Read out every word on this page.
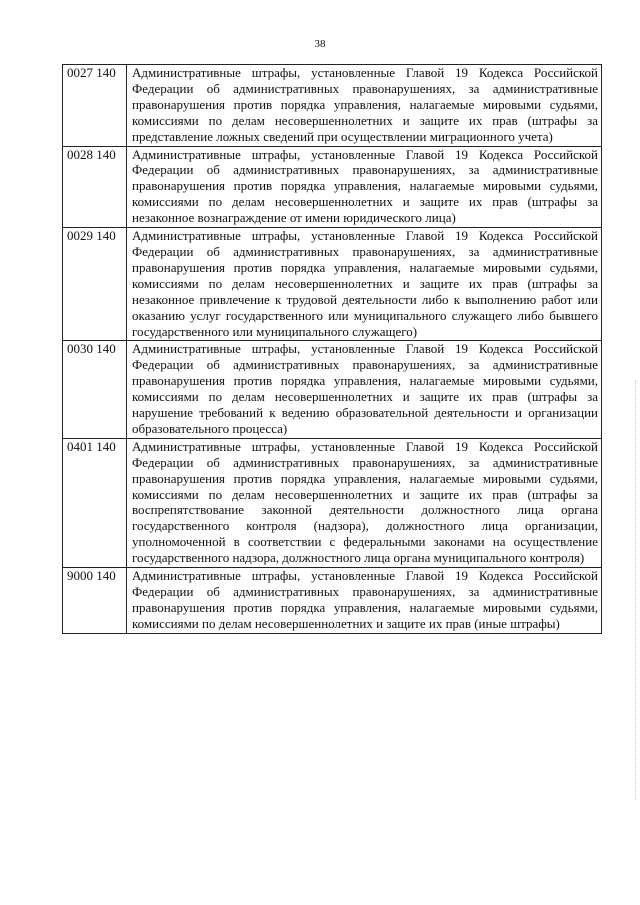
38
0027 140	Административные штрафы, установленные Главой 19 Кодекса Российской Федерации об административных правонарушениях, за административные правонарушения против порядка управления, налагаемые мировыми судьями, комиссиями по делам несовершеннолетних и защите их прав (штрафы за представление ложных сведений при осуществлении миграционного учета)
0028 140	Административные штрафы, установленные Главой 19 Кодекса Российской Федерации об административных правонарушениях, за административные правонарушения против порядка управления, налагаемые мировыми судьями, комиссиями по делам несовершеннолетних и защите их прав (штрафы за незаконное вознаграждение от имени юридического лица)
0029 140	Административные штрафы, установленные Главой 19 Кодекса Российской Федерации об административных правонарушениях, за административные правонарушения против порядка управления, налагаемые мировыми судьями, комиссиями по делам несовершеннолетних и защите их прав (штрафы за незаконное привлечение к трудовой деятельности либо к выполнению работ или оказанию услуг государственного или муниципального служащего либо бывшего государственного или муниципального служащего)
0030 140	Административные штрафы, установленные Главой 19 Кодекса Российской Федерации об административных правонарушениях, за административные правонарушения против порядка управления, налагаемые мировыми судьями, комиссиями по делам несовершеннолетних и защите их прав (штрафы за нарушение требований к ведению образовательной деятельности и организации образовательного процесса)
0401 140	Административные штрафы, установленные Главой 19 Кодекса Российской Федерации об административных правонарушениях, за административные правонарушения против порядка управления, налагаемые мировыми судьями, комиссиями по делам несовершеннолетних и защите их прав (штрафы за воспрепятствование законной деятельности должностного лица органа государственного контроля (надзора), должностного лица организации, уполномоченной в соответствии с федеральными законами на осуществление государственного надзора, должностного лица органа муниципального контроля)
9000 140	Административные штрафы, установленные Главой 19 Кодекса Российской Федерации об административных правонарушениях, за административные правонарушения против порядка управления, налагаемые мировыми судьями, комиссиями по делам несовершеннолетних и защите их прав (иные штрафы)
